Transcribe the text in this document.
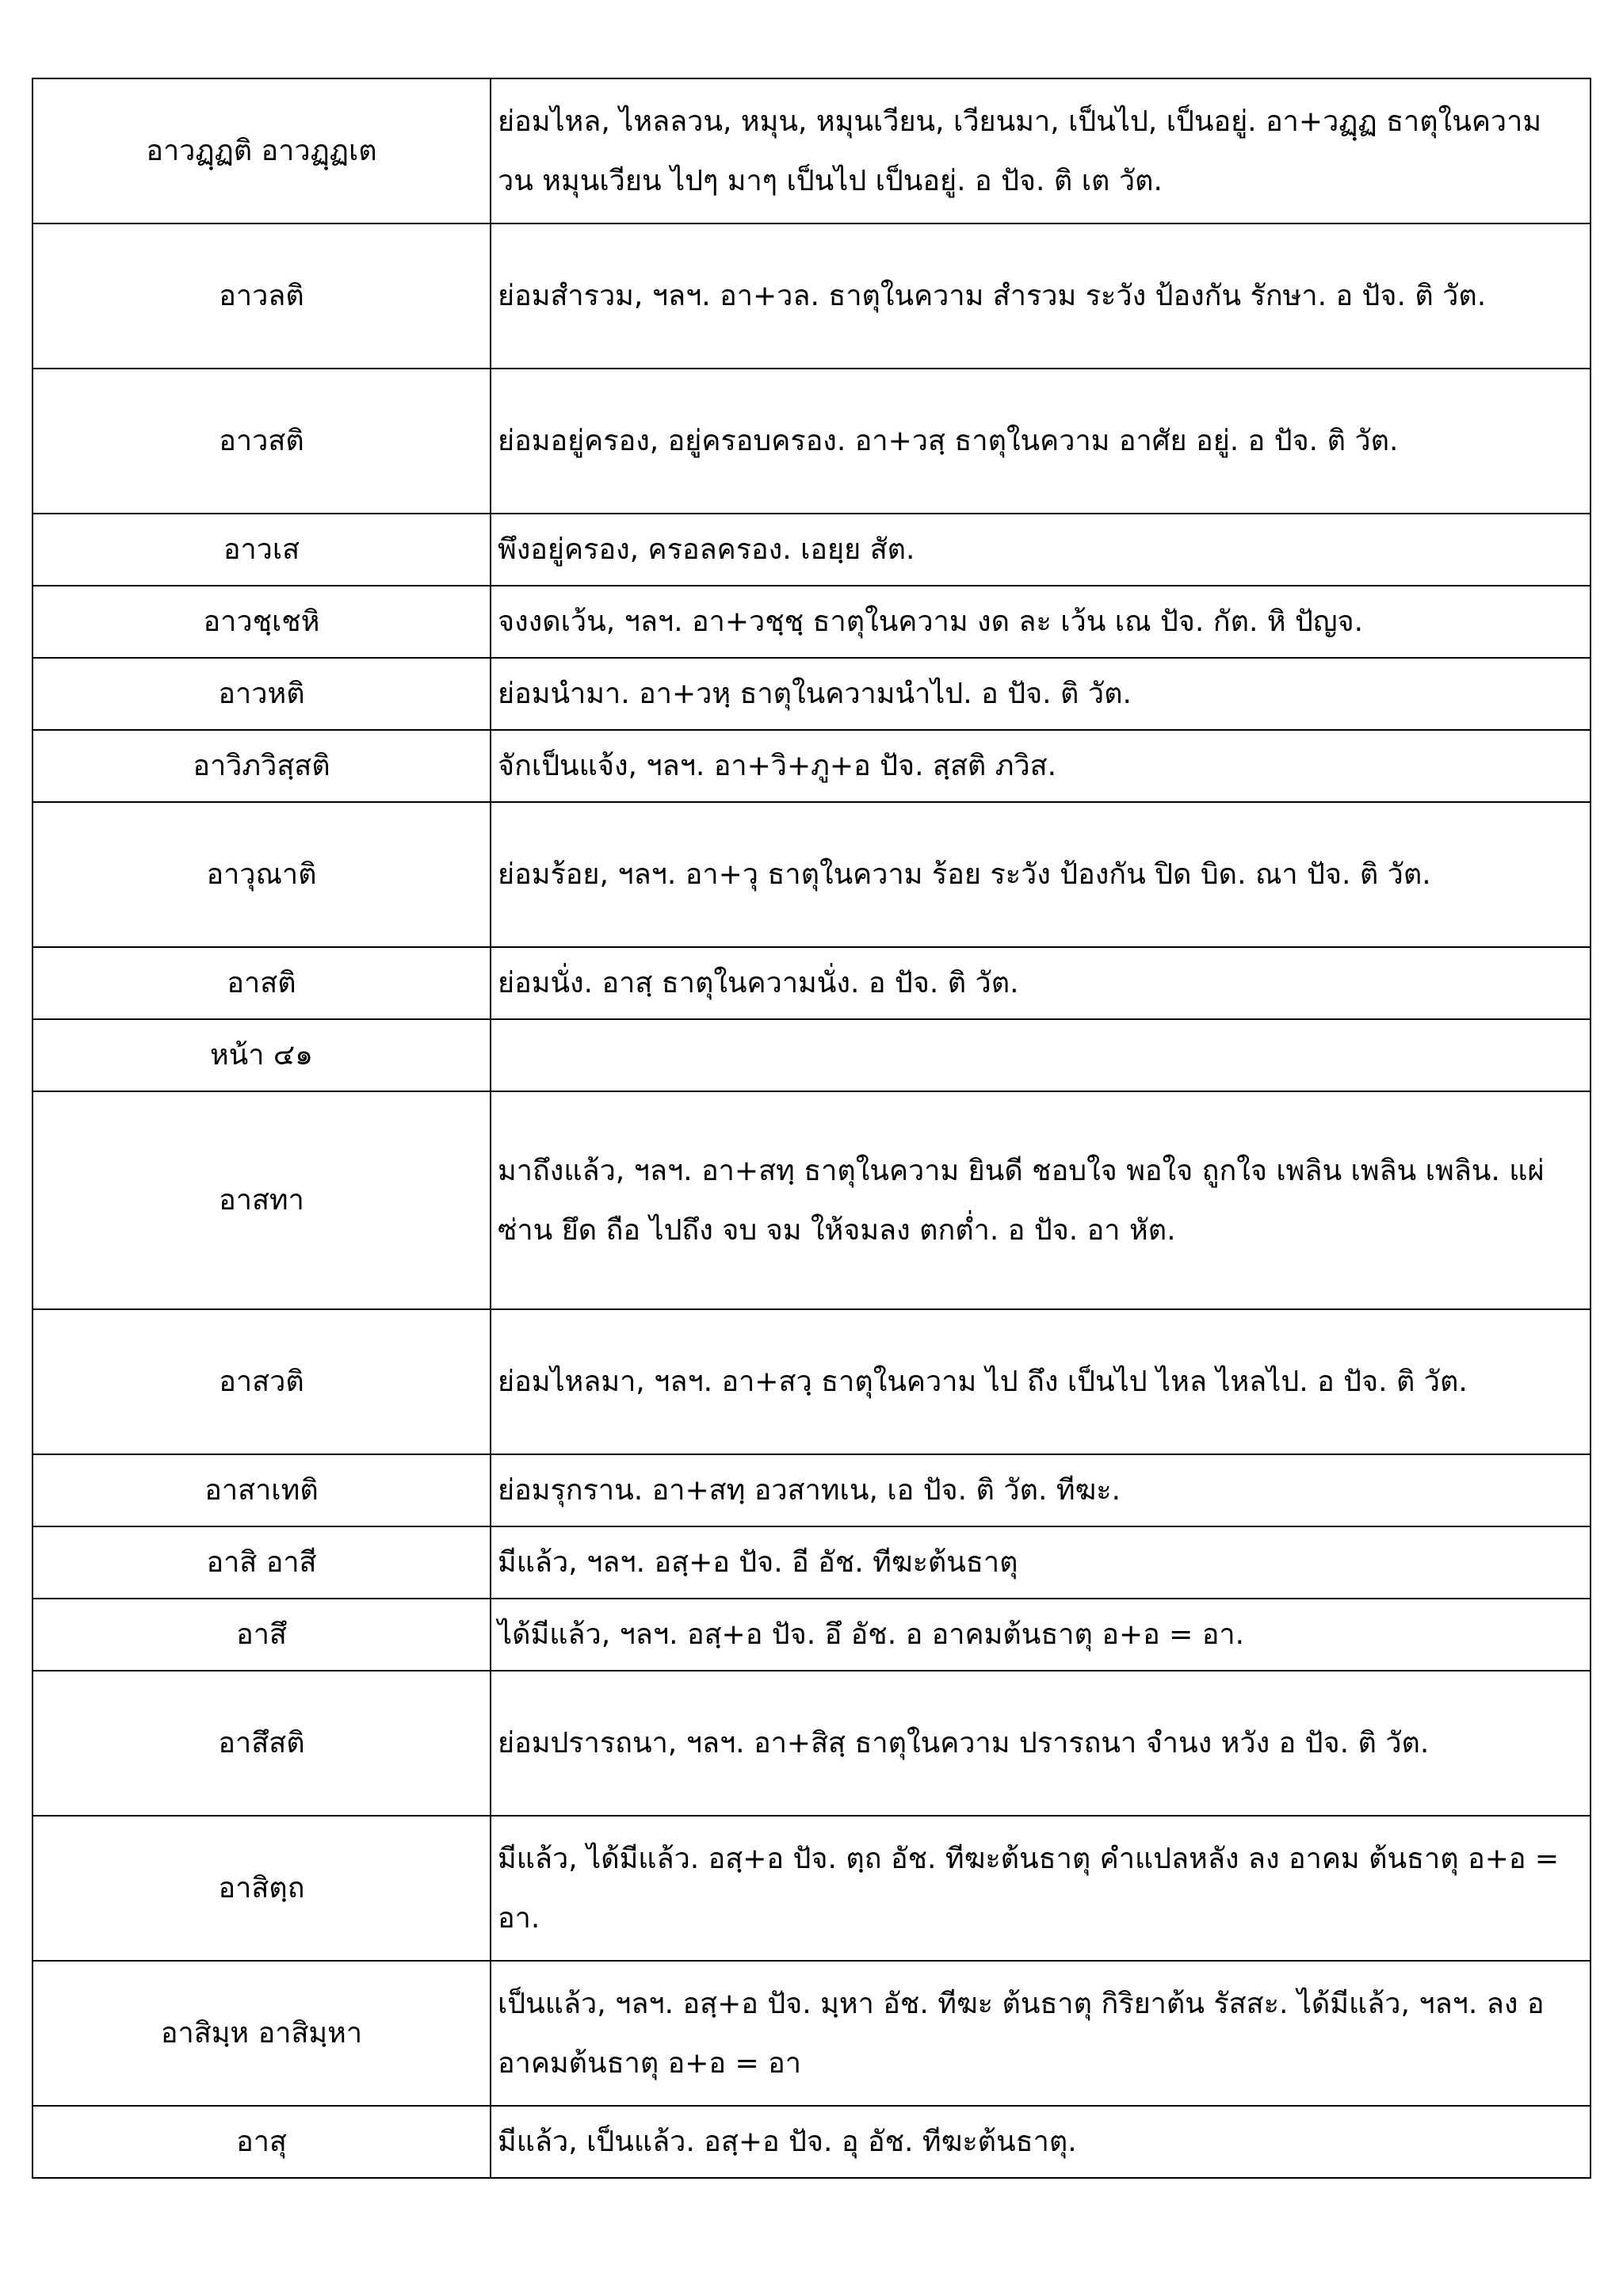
อาวฏฺฏติ อาวฏฺฏเต	ย่อมไหล, ไหลลวน, หมุน, หมุนเวียน, เวียนมา, เป็นไป, เป็นอยู่. อา+วฏฺฏ ธาตุในความ วน หมุนเวียน ไปๆ มาๆ เป็นไป เป็นอยู่. อ ปัจ. ติ เต วัต.
อาวลติ	ย่อมสำรวม, ฯลฯ. อา+วล. ธาตุในความ สำรวม ระวัง ป้องกัน รักษา. อ ปัจ. ติ วัต.
อาวสติ	ย่อมอยู่ครอง, อยู่ครอบครอง. อา+วสฺ ธาตุในความ อาศัย อยู่. อ ปัจ. ติ วัต.
อาวเส	พึงอยู่ครอง, ครอลครอง. เอยฺย สัต.
อาวชฺเชหิ	จงงดเว้น, ฯลฯ. อา+วชฺชฺ ธาตุในความ งด ละ เว้น เณ ปัจ. กัต. หิ ปัญจ.
อาวหติ	ย่อมนำมา. อา+วหฺ ธาตุในความนำไป. อ ปัจ. ติ วัต.
อาวิภวิสฺสติ	จักเป็นแจ้ง, ฯลฯ. อา+วิ+ภู+อ ปัจ. สฺสติ ภวิส.
อาวุณาติ	ย่อมร้อย, ฯลฯ. อา+วุ ธาตุในความ ร้อย ระวัง ป้องกัน ปิด บิด. ณา ปัจ. ติ วัต.
อาสติ	ย่อมนั่ง. อาสฺ ธาตุในความนั่ง. อ ปัจ. ติ วัต.
หน้า ๔๑	
อาสทา	มาถึงแล้ว, ฯลฯ. อา+สทฺ ธาตุในความ ยินดี ชอบใจ พอใจ ถูกใจ เพลิน เพลิน เพลิน. แผ่ ซ่าน ยึด ถือ ไปถึง จบ จม ให้จมลง ตกต่ำ. อ ปัจ. อา หัต.
อาสวติ	ย่อมไหลมา, ฯลฯ. อา+สวฺ ธาตุในความ ไป ถึง เป็นไป ไหล ไหลไป. อ ปัจ. ติ วัต.
อาสาเทติ	ย่อมรุกราน. อา+สทฺ อวสาทเน, เอ ปัจ. ติ วัต. ทีฆะ.
อาสิ อาสี	มีแล้ว, ฯลฯ. อสฺ+อ ปัจ. อี อัช. ทีฆะต้นธาตุ
อาสึ	ได้มีแล้ว, ฯลฯ. อสฺ+อ ปัจ. อึ อัช. อ อาคมต้นธาตุ อ+อ = อา.
อาสึสติ	ย่อมปรารถนา, ฯลฯ. อา+สิสฺ ธาตุในความ ปรารถนา จำนง หวัง อ ปัจ. ติ วัต.
อาสิตฺถ	มีแล้ว, ได้มีแล้ว. อสฺ+อ ปัจ. ตฺถ อัช. ทีฆะต้นธาตุ คำแปลหลัง ลง อาคม ต้นธาตุ อ+อ = อา.
อาสิมฺห อาสิมฺหา	เป็นแล้ว, ฯลฯ. อสฺ+อ ปัจ. มฺหา อัช. ทีฆะ ต้นธาตุ กิริยาต้น รัสสะ. ได้มีแล้ว, ฯลฯ. ลง อ อาคมต้นธาตุ อ+อ = อา
อาสุ	มีแล้ว, เป็นแล้ว. อสฺ+อ ปัจ. อุ อัช. ทีฆะต้นธาตุ.
